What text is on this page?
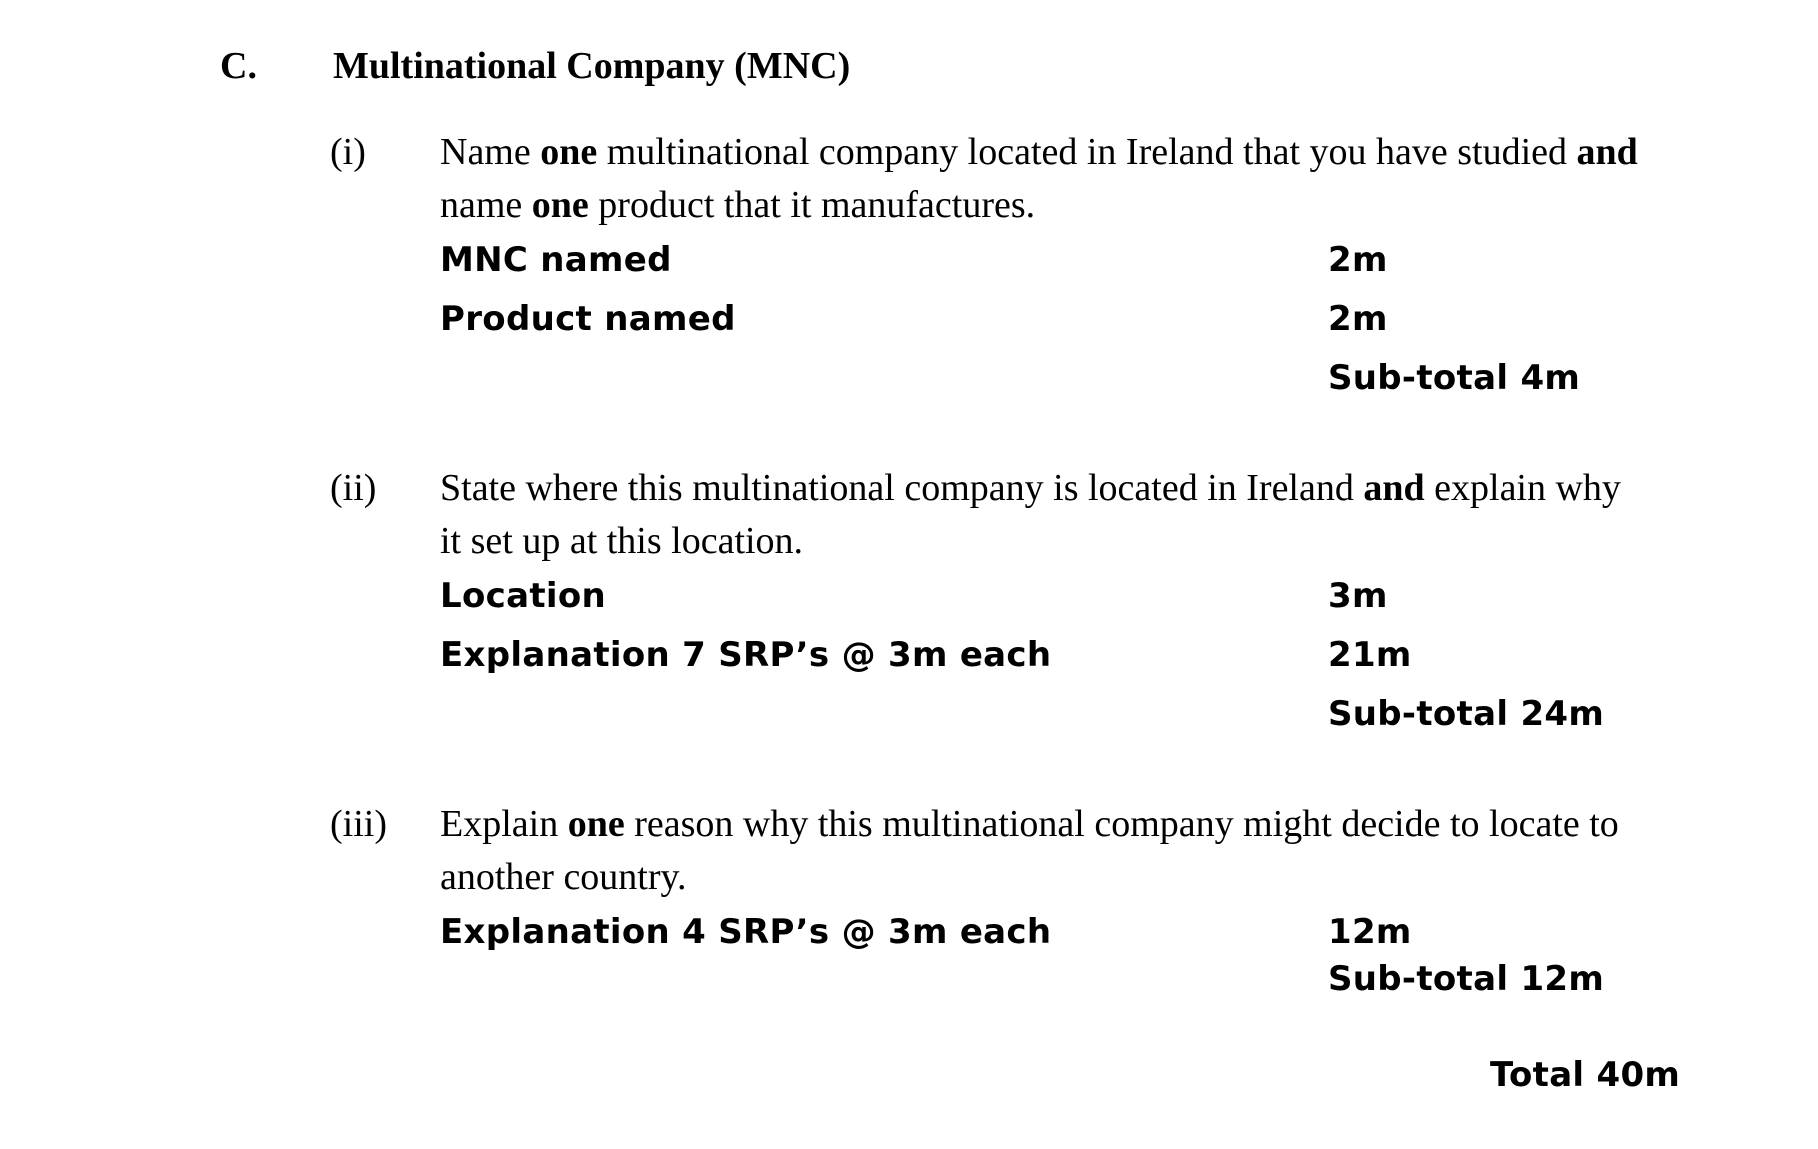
C. Multinational Company (MNC)
(i) Name one multinational company located in Ireland that you have studied and name one product that it manufactures.
MNC named	2m
Product named	2m
Sub-total 4m
(ii) State where this multinational company is located in Ireland and explain why it set up at this location.
Location	3m
Explanation 7 SRP’s @ 3m each	21m
Sub-total 24m
(iii) Explain one reason why this multinational company might decide to locate to another country.
Explanation 4 SRP’s @ 3m each	12m
Sub-total 12m
Total 40m
